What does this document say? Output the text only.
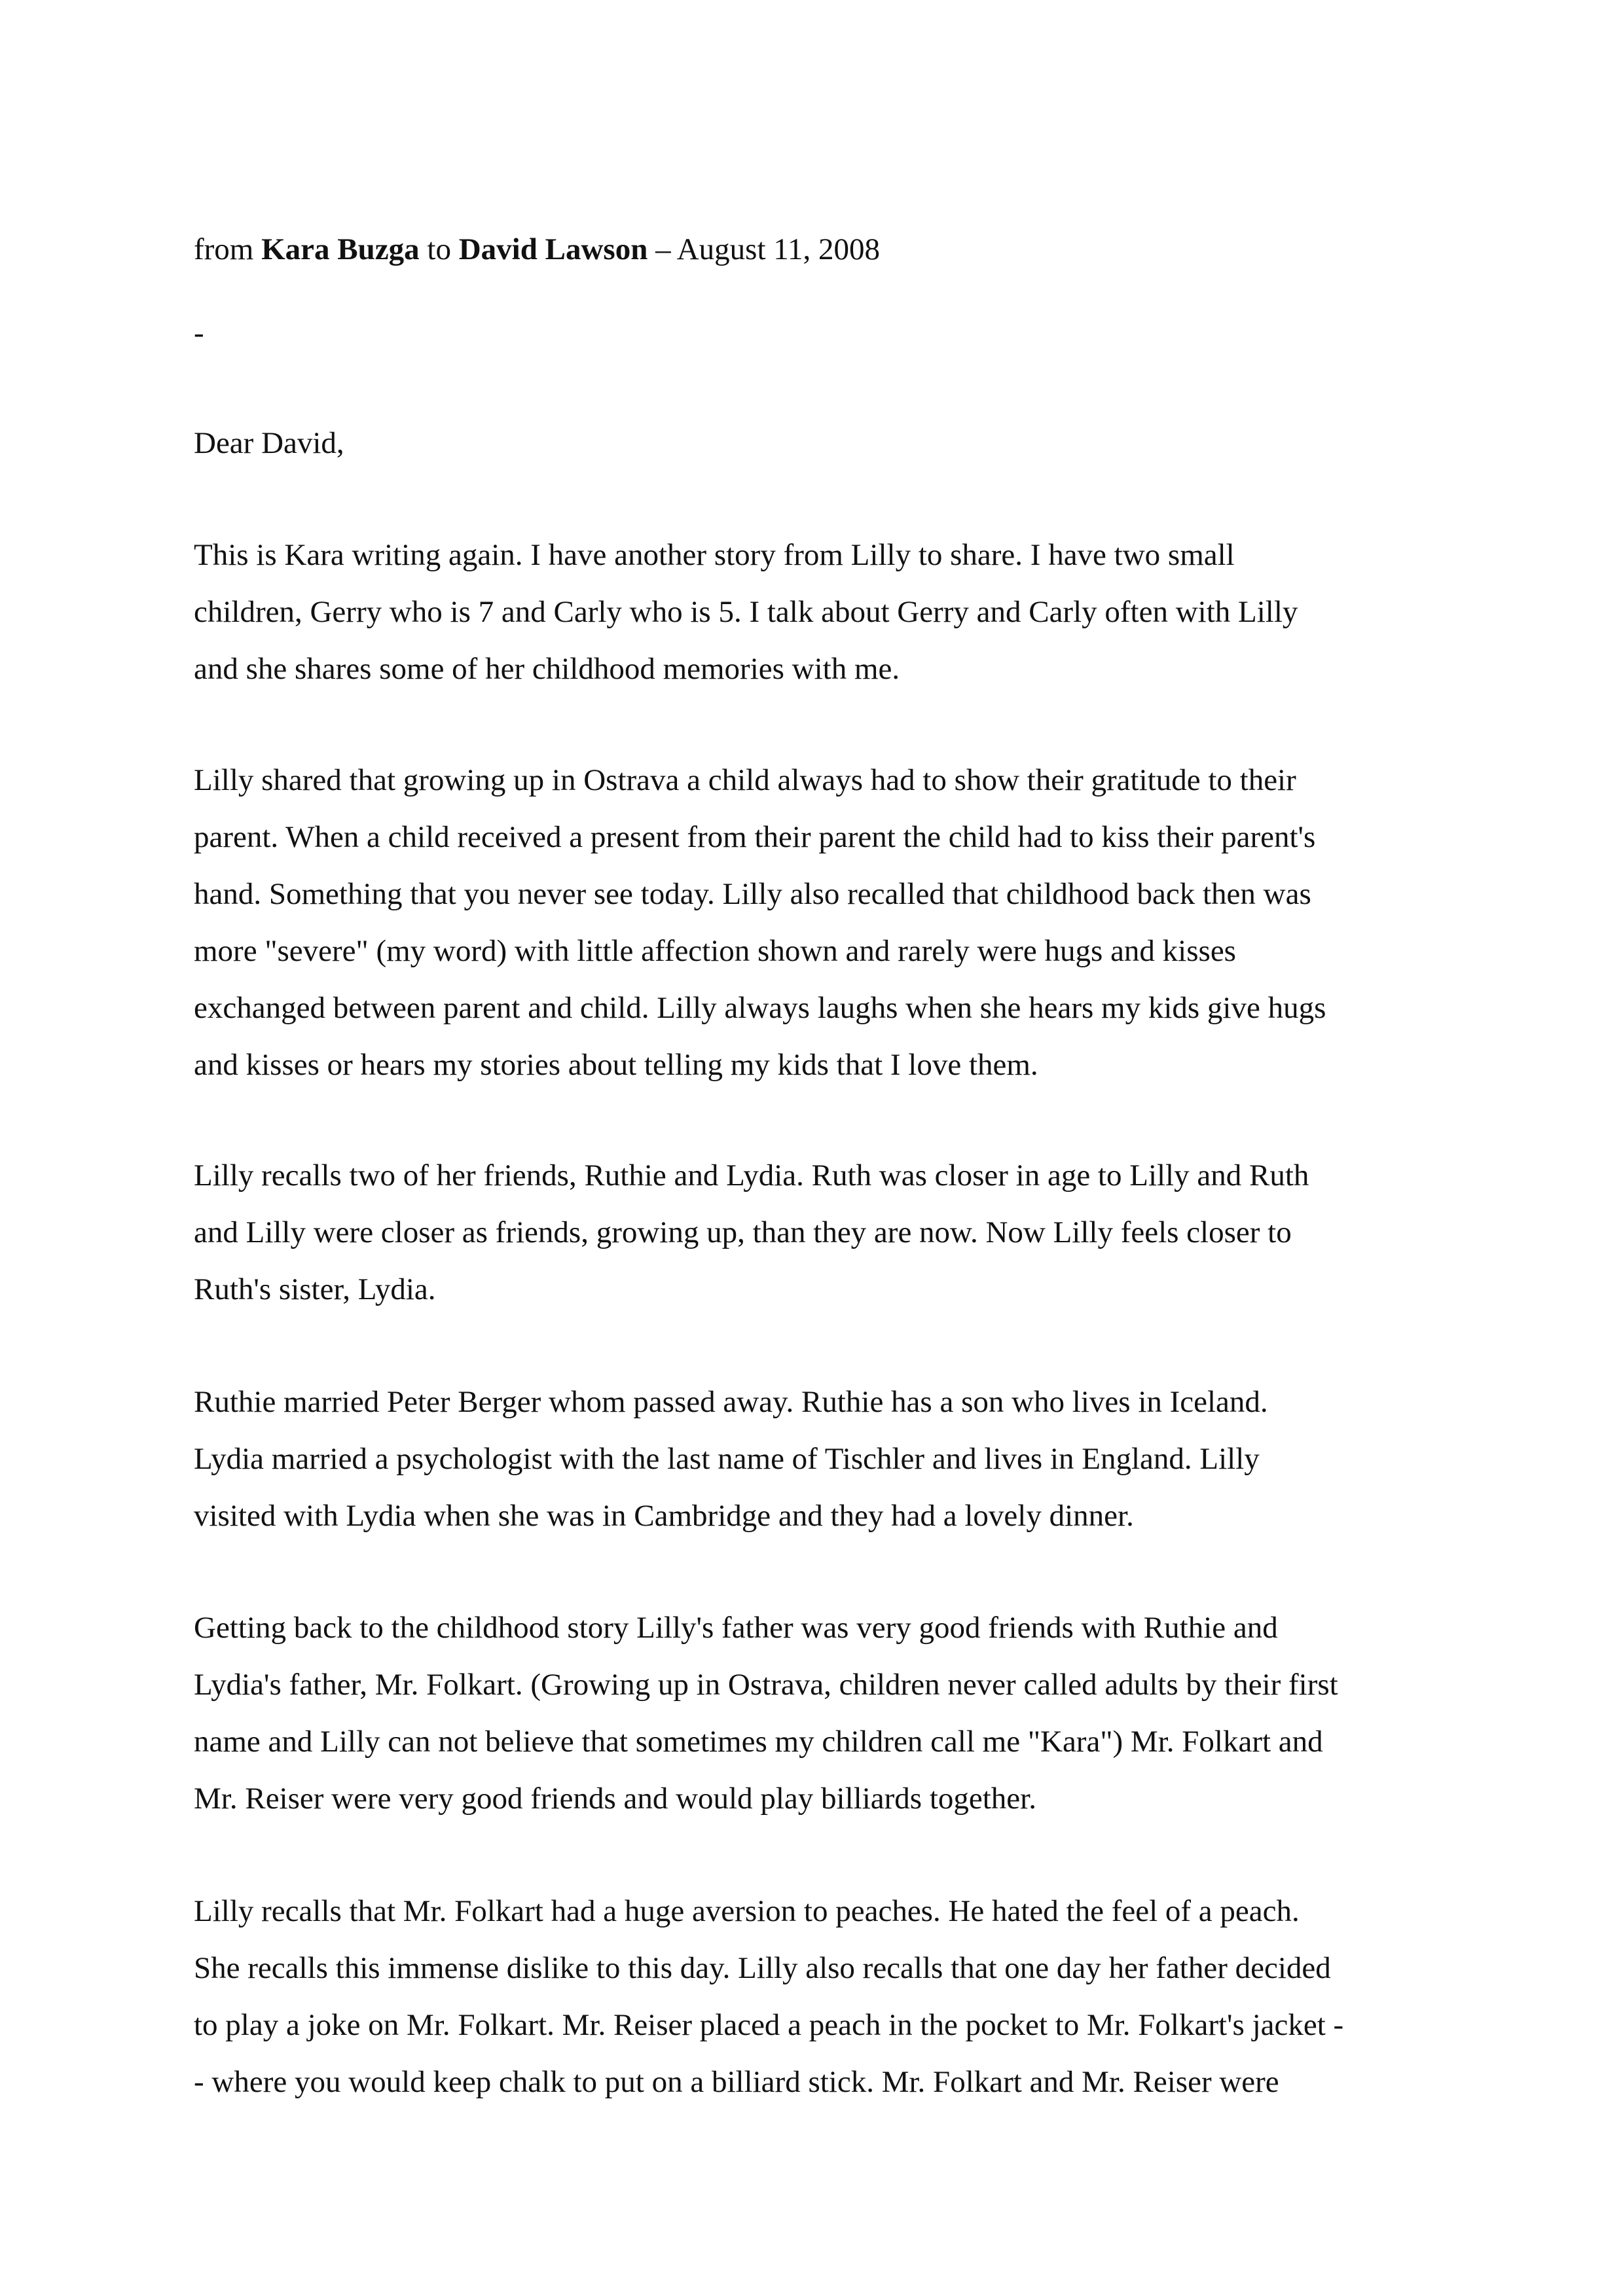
from Kara Buzga to David Lawson – August 11, 2008
-
Dear David,
This is Kara writing again. I have another story from Lilly to share. I have two small
children, Gerry who is 7 and Carly who is 5. I talk about Gerry and Carly often with Lilly
and she shares some of her childhood memories with me.
Lilly shared that growing up in Ostrava a child always had to show their gratitude to their
parent. When a child received a present from their parent the child had to kiss their parent's
hand. Something that you never see today. Lilly also recalled that childhood back then was
more "severe" (my word) with little affection shown and rarely were hugs and kisses
exchanged between parent and child. Lilly always laughs when she hears my kids give hugs
and kisses or hears my stories about telling my kids that I love them.
Lilly recalls two of her friends, Ruthie and Lydia. Ruth was closer in age to Lilly and Ruth
and Lilly were closer as friends, growing up, than they are now. Now Lilly feels closer to
Ruth's sister, Lydia.
Ruthie married Peter Berger whom passed away. Ruthie has a son who lives in Iceland.
Lydia married a psychologist with the last name of Tischler and lives in England. Lilly
visited with Lydia when she was in Cambridge and they had a lovely dinner.
Getting back to the childhood story Lilly's father was very good friends with Ruthie and
Lydia's father, Mr. Folkart. (Growing up in Ostrava, children never called adults by their first
name and Lilly can not believe that sometimes my children call me "Kara") Mr. Folkart and
Mr. Reiser were very good friends and would play billiards together.
Lilly recalls that Mr. Folkart had a huge aversion to peaches. He hated the feel of a peach.
She recalls this immense dislike to this day. Lilly also recalls that one day her father decided
to play a joke on Mr. Folkart. Mr. Reiser placed a peach in the pocket to Mr. Folkart's jacket -
- where you would keep chalk to put on a billiard stick. Mr. Folkart and Mr. Reiser were
